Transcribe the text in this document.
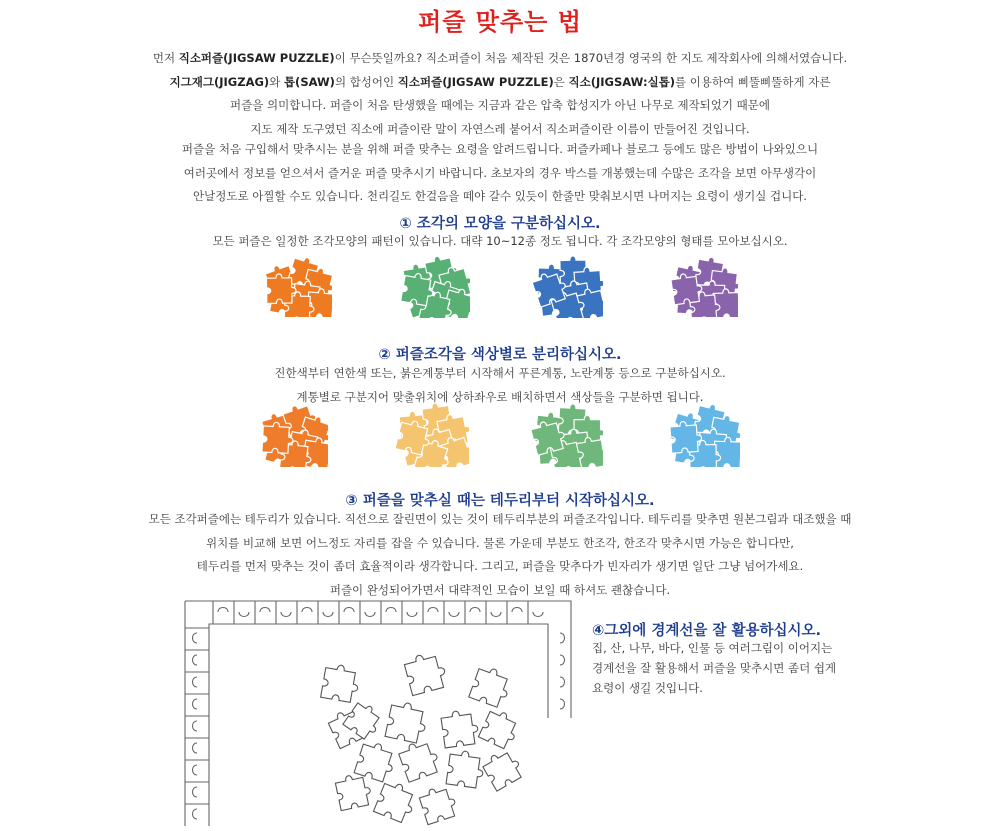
퍼즐 맞추는 법
먼저 직소퍼즐(JIGSAW PUZZLE)이 무슨뜻일까요? 직소퍼즐이 처음 제작된 것은 1870년경 영국의 한 지도 제작회사에 의해서였습니다.
지그재그(JIGZAG)와 톱(SAW)의 합성어인 직소퍼즐(JIGSAW PUZZLE)은 직소(JIGSAW:실톱)를 이용하여 삐뚤삐뚤하게 자른
퍼즐을 의미합니다. 퍼즐이 처음 탄생했을 때에는 지금과 같은 압축 합성지가 아닌 나무로 제작되었기 때문에
지도 제작 도구였던 직소에 퍼즐이란 말이 자연스레 붙어서 직소퍼즐이란 이름이 만들어진 것입니다.
퍼즐을 처음 구입해서 맞추시는 분을 위해 퍼즐 맞추는 요령을 알려드립니다. 퍼즐카페나 블로그 등에도 많은 방법이 나와있으니
여러곳에서 정보를 얻으셔서 즐거운 퍼즐 맞추시기 바랍니다. 초보자의 경우 박스를 개봉했는데 수많은 조각을 보면 아무생각이
안날정도로 아찔할 수도 있습니다. 천리길도 한걸음을 떼야 갈수 있듯이 한줄만 맞춰보시면 나머지는 요령이 생기실 겁니다.
① 조각의 모양을 구분하십시오.
모든 퍼즐은 일정한 조각모양의 패턴이 있습니다. 대략 10~12종 정도 됩니다. 각 조각모양의 형태를 모아보십시오.
② 퍼즐조각을 색상별로 분리하십시오.
진한색부터 연한색 또는, 붉은계통부터 시작해서 푸른계통, 노란계통 등으로 구분하십시오.
계통별로 구분지어 맞출위치에 상하좌우로 배치하면서 색상들을 구분하면 됩니다.
③ 퍼즐을 맞추실 때는 테두리부터 시작하십시오.
모든 조각퍼즐에는 테두리가 있습니다. 직선으로 잘린면이 있는 것이 테두리부분의 퍼즐조각입니다. 테두리를 맞추면 원본그림과 대조했을 때
위치를 비교해 보면 어느정도 자리를 잡을 수 있습니다. 물론 가운데 부분도 한조각, 한조각 맞추시면 가능은 합니다만,
테두리를 먼저 맞추는 것이 좀더 효율적이라 생각합니다. 그리고, 퍼즐을 맞추다가 빈자리가 생기면 일단 그냥 넘어가세요.
퍼즐이 완성되어가면서 대략적인 모습이 보일 때 하셔도 괜찮습니다.
④그외에 경계선을 잘 활용하십시오.
집, 산, 나무, 바다, 인물 등 여러그림이 이어지는
경계선을 잘 활용해서 퍼즐을 맞추시면 좀더 쉽게
요령이 생길 것입니다.
